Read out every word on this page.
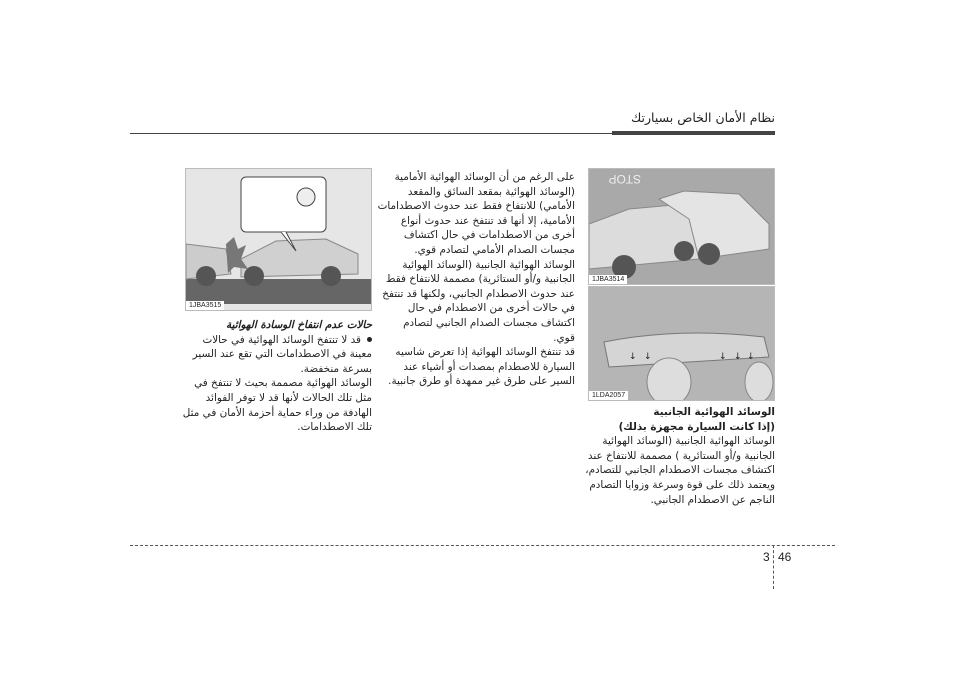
نظام الأمان الخاص بسيارتك
STOP
1JBA3514
↓ ↓	↓ ↓ ↓
1LDA2057
1JBA3515
على الرغم من أن الوسائد الهوائية الأمامية
(الوسائد الهوائية بمقعد السائق والمقعد
الأمامي) للانتفاخ فقط عند حدوث الاصطدامات
الأمامية، إلا أنها قد تنتفخ عند حدوث أنواع
أخرى من الاصطدامات في حال اكتشاف
مجسات الصدام الأمامي لتصادم قوي.
الوسائد الهوائية الجانبية (الوسائد الهوائية
الجانبية و/أو الستائرية) مصممة للانتفاخ فقط
عند حدوث الاصطدام الجانبي، ولكنها قد تنتفخ
في حالات أخرى من الاصطدام في حال
اكتشاف مجسات الصدام الجانبي لتصادم
قوي.
قد تنتفخ الوسائد الهوائية إذا تعرض شاسيه
السيارة للاصطدام بمصدات أو أشياء عند
السير على طرق غير ممهدة أو طرق جانبية.
الوسائد الهوائية الجانبية
(إذا كانت السيارة مجهزة بذلك)
الوسائد الهوائية الجانبية (الوسائد الهوائية
الجانبية و/أو الستائرية ) مصممة للانتفاخ عند
اكتشاف مجسات الاصطدام الجانبي للتصادم،
ويعتمد ذلك على قوة وسرعة وزوايا التصادم
الناجم عن الاصطدام الجانبي.
حالات عدم انتفاخ الوسادة الهوائية
قد لا تنتفخ الوسائد الهوائية في حالات
معينة في الاصطدامات التي تقع عند السير
بسرعة منخفضة.
الوسائد الهوائية مصممة بحيث لا تنتفخ في
مثل تلك الحالات لأنها قد لا توفر الفوائد
الهادفة من وراء حماية أحزمة الأمان في مثل
تلك الاصطدامات.
3 46
